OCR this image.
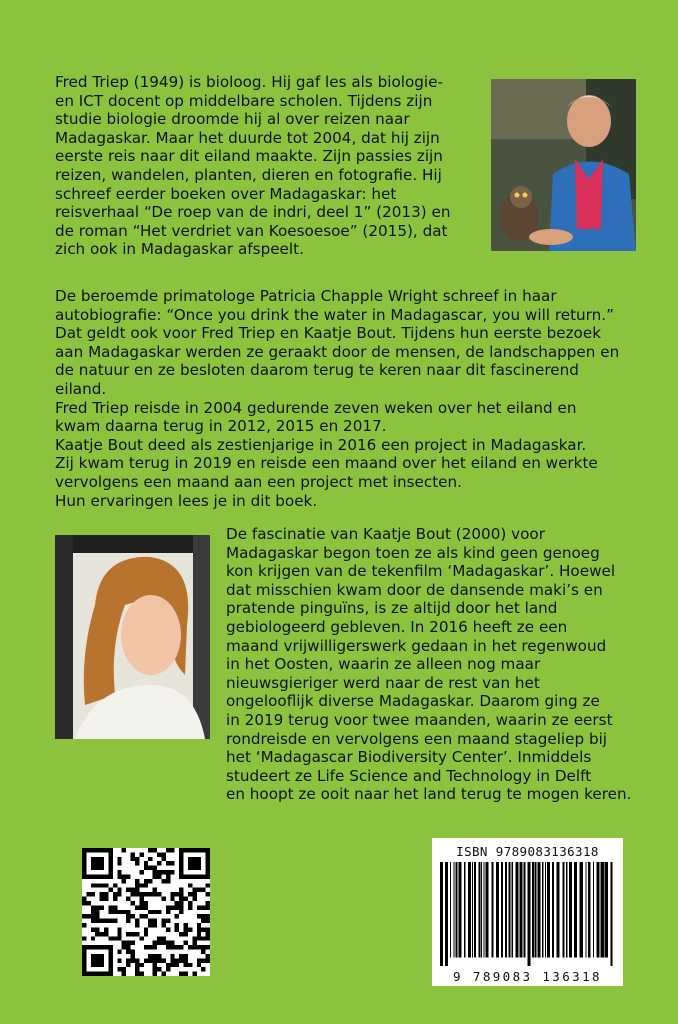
Fred Triep (1949) is bioloog. Hij gaf les als biologie-
en ICT docent op middelbare scholen. Tijdens zijn
studie biologie droomde hij al over reizen naar
Madagaskar. Maar het duurde tot 2004, dat hij zijn
eerste reis naar dit eiland maakte. Zijn passies zijn
reizen, wandelen, planten, dieren en fotografie. Hij
schreef eerder boeken over Madagaskar: het
reisverhaal “De roep van de indri, deel 1” (2013) en
de roman “Het verdriet van Koesoesoe” (2015), dat
zich ook in Madagaskar afspeelt.

De beroemde primatologe Patricia Chapple Wright schreef in haar
autobiografie: “Once you drink the water in Madagascar, you will return.”
Dat geldt ook voor Fred Triep en Kaatje Bout. Tijdens hun eerste bezoek
aan Madagaskar werden ze geraakt door de mensen, de landschappen en
de natuur en ze besloten daarom terug te keren naar dit fascinerend
eiland.
Fred Triep reisde in 2004 gedurende zeven weken over het eiland en
kwam daarna terug in 2012, 2015 en 2017.
Kaatje Bout deed als zestienjarige in 2016 een project in Madagaskar.
Zij kwam terug in 2019 en reisde een maand over het eiland en werkte
vervolgens een maand aan een project met insecten.
Hun ervaringen lees je in dit boek.

De fascinatie van Kaatje Bout (2000) voor
Madagaskar begon toen ze als kind geen genoeg
kon krijgen van de tekenfilm ‘Madagaskar’. Hoewel
dat misschien kwam door de dansende maki’s en
pratende pinguïns, is ze altijd door het land
gebiologeerd gebleven. In 2016 heeft ze een
maand vrijwilligerswerk gedaan in het regenwoud
in het Oosten, waarin ze alleen nog maar
nieuwsgieriger werd naar de rest van het
ongelooflijk diverse Madagaskar. Daarom ging ze
in 2019 terug voor twee maanden, waarin ze eerst
rondreisde en vervolgens een maand stageliep bij
het ‘Madagascar Biodiversity Center’. Inmiddels
studeert ze Life Science and Technology in Delft
en hoopt ze ooit naar het land terug te mogen keren.

ISBN 9789083136318
9 789083 136318
